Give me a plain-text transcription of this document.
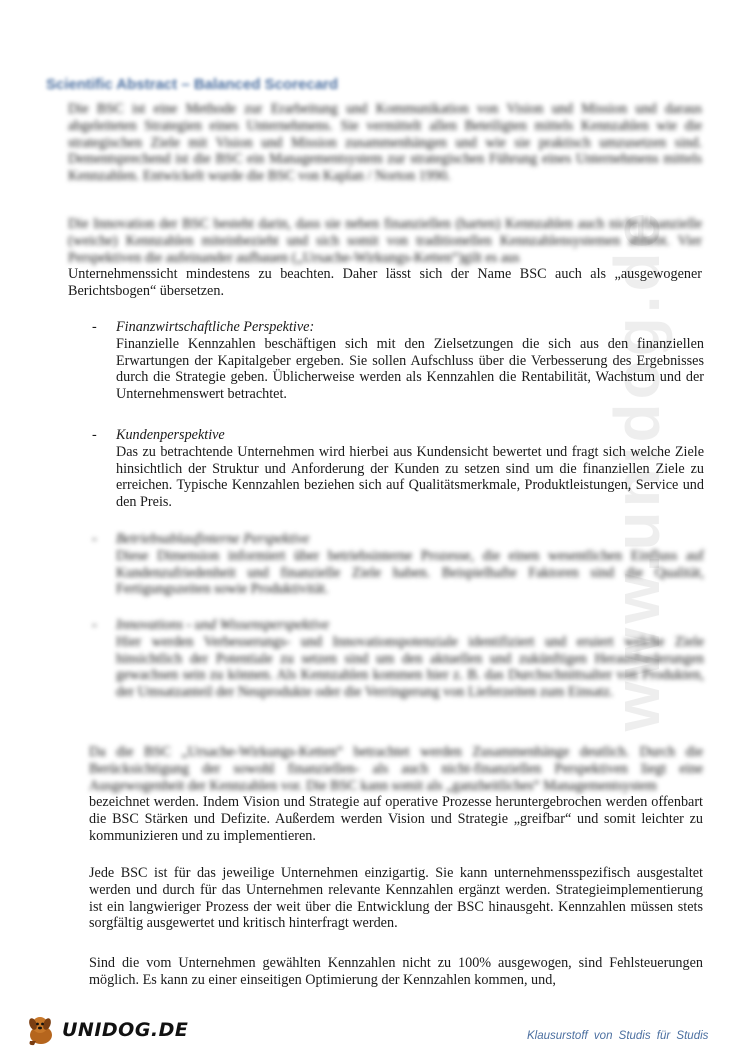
www.unidog.de
Scientific Abstract – Balanced Scorecard

Die BSC ist eine Methode zur Erarbeitung und Kommunikation von Vision und Mission und daraus abgeleiteten Strategien eines Unternehmens. Sie vermittelt allen Beteiligten mittels Kennzahlen wie die strategischen Ziele mit Vision und Mission zusammenhängen und wie sie praktisch umzusetzen sind. Dementsprechend ist die BSC ein Managementsystem zur strategischen Führung eines Unternehmens mittels Kennzahlen. Entwickelt wurde die BSC von Kaplan / Norton 1990.

Die Innovation der BSC besteht darin, dass sie neben finanziellen (harten) Kennzahlen auch nicht-finanzielle (weiche) Kennzahlen miteinbezieht und sich somit von traditionellen Kennzahlensystemen abhebt. Vier Perspektiven die aufeinander aufbauen („Ursache-Wirkungs-Ketten“)gilt es aus
Unternehmenssicht mindestens zu beachten. Daher lässt sich der Name BSC auch als „ausgewogener Berichtsbogen“ übersetzen.
- Finanzwirtschaftliche Perspektive:

Finanzielle Kennzahlen beschäftigen sich mit den Zielsetzungen die sich aus den finanziellen Erwartungen der Kapitalgeber ergeben. Sie sollen Aufschluss über die Verbesserung des Ergebnisses durch die Strategie geben. Üblicherweise werden als Kennzahlen die Rentabilität, Wachstum und der Unternehmenswert betrachtet.

- Kundenperspektive

Das zu betrachtende Unternehmen wird hierbei aus Kundensicht bewertet und fragt sich welche Ziele hinsichtlich der Struktur und Anforderung der Kunden zu setzen sind um die finanziellen Ziele zu erreichen. Typische Kennzahlen beziehen sich auf Qualitätsmerkmale, Produktleistungen, Service und den Preis.

- Betriebsablaufinterne Perspektive

Diese Dimension informiert über betriebsinterne Prozesse, die einen wesentlichen Einfluss auf Kundenzufriedenheit und finanzielle Ziele haben. Beispielhafte Faktoren sind die Qualität, Fertigungszeiten sowie Produktivität.

- Innovations - und Wissensperspektive

Hier werden Verbesserungs- und Innovationspotenziale identifiziert und eruiert welche Ziele hinsichtlich der Potentiale zu setzen sind um den aktuellen und zukünftigen Herausforderungen gewachsen sein zu können. Als Kennzahlen kommen hier z. B. das Durchschnittsalter von Produkten, der Umsatzanteil der Neuprodukte oder die Verringerung von Lieferzeiten zum Einsatz.

Da die BSC „Ursache-Wirkungs-Ketten“ betrachtet werden Zusammenhänge deutlich. Durch die Berücksichtigung der sowohl finanziellen- als auch nicht-finanziellen Perspektiven liegt eine Ausgewogenheit der Kennzahlen vor. Die BSC kann somit als „ganzheitliches“ Managementsystem
bezeichnet werden. Indem Vision und Strategie auf operative Prozesse heruntergebrochen werden offenbart die BSC Stärken und Defizite. Außerdem werden Vision und Strategie „greifbar“ und somit leichter zu kommunizieren und zu implementieren.

Jede BSC ist für das jeweilige Unternehmen einzigartig. Sie kann unternehmensspezifisch ausgestaltet werden und durch für das Unternehmen relevante Kennzahlen ergänzt werden. Strategieimplementierung ist ein langwieriger Prozess der weit über die Entwicklung der BSC hinausgeht. Kennzahlen müssen stets sorgfältig ausgewertet und kritisch hinterfragt werden.

Sind die vom Unternehmen gewählten Kennzahlen nicht zu 100% ausgewogen, sind Fehlsteuerungen möglich. Es kann zu einer einseitigen Optimierung der Kennzahlen kommen, und,

UNIDOG.DE	Klausurstoff von Studis für Studis
